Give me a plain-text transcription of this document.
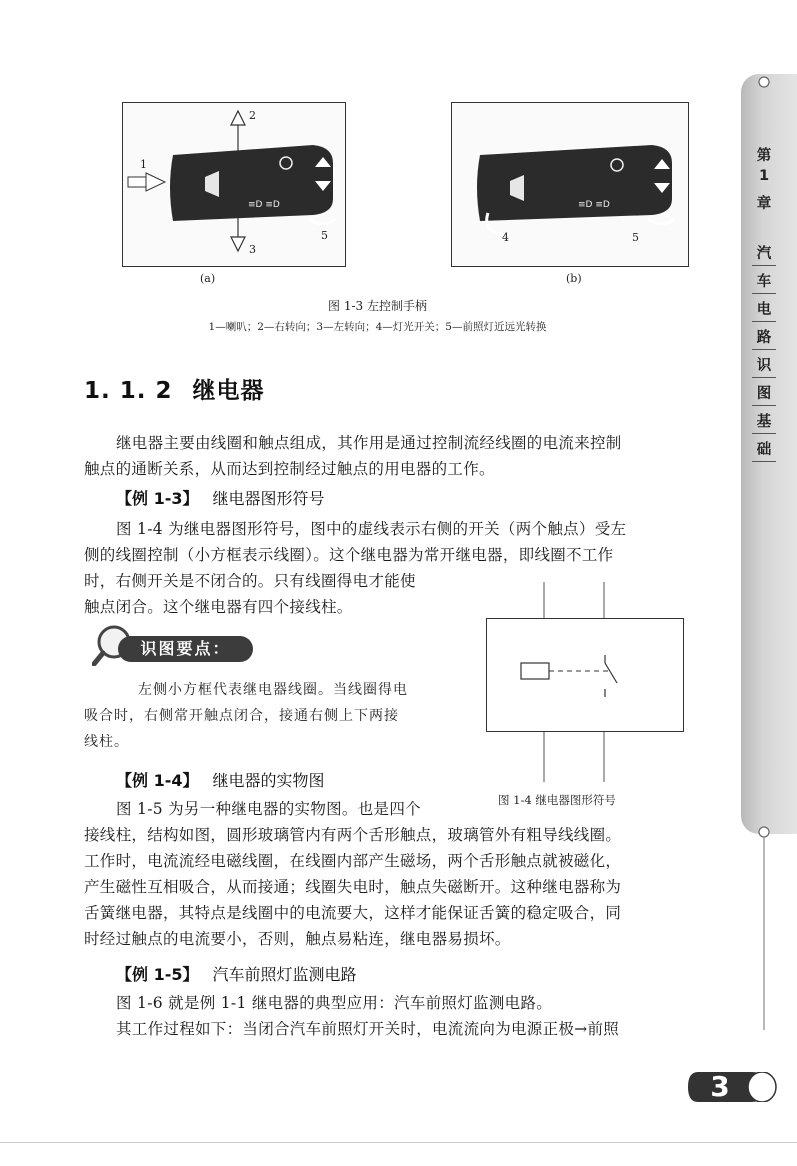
≡D ≡D
1
2
3
5
(a)
≡D ≡D
4	5
(b)
图 1-3 左控制手柄
1—喇叭；2—右转向；3—左转向；4—灯光开关；5—前照灯近远光转换
1. 1. 2 继电器
继电器主要由线圈和触点组成，其作用是通过控制流经线圈的电流来控制
触点的通断关系，从而达到控制经过触点的用电器的工作。
【例 1-3】 继电器图形符号
图 1-4 为继电器图形符号，图中的虚线表示右侧的开关（两个触点）受左
侧的线圈控制（小方框表示线圈）。这个继电器为常开继电器，即线圈不工作
时，右侧开关是不闭合的。只有线圈得电才能使
触点闭合。这个继电器有四个接线柱。
识图要点：
左侧小方框代表继电器线圈。当线圈得电
吸合时，右侧常开触点闭合，接通右侧上下两接
线柱。
图 1-4 继电器图形符号
【例 1-4】 继电器的实物图
图 1-5 为另一种继电器的实物图。也是四个
接线柱，结构如图，圆形玻璃管内有两个舌形触点，玻璃管外有粗导线线圈。
工作时，电流流经电磁线圈，在线圈内部产生磁场，两个舌形触点就被磁化，
产生磁性互相吸合，从而接通；线圈失电时，触点失磁断开。这种继电器称为
舌簧继电器，其特点是线圈中的电流要大，这样才能保证舌簧的稳定吸合，同
时经过触点的电流要小，否则，触点易粘连，继电器易损坏。
【例 1-5】 汽车前照灯监测电路
图 1-6 就是例 1-1 继电器的典型应用：汽车前照灯监测电路。
其工作过程如下：当闭合汽车前照灯开关时，电流流向为电源正极→前照
第
1
章
汽
车
电
路
识
图
基
础
3
